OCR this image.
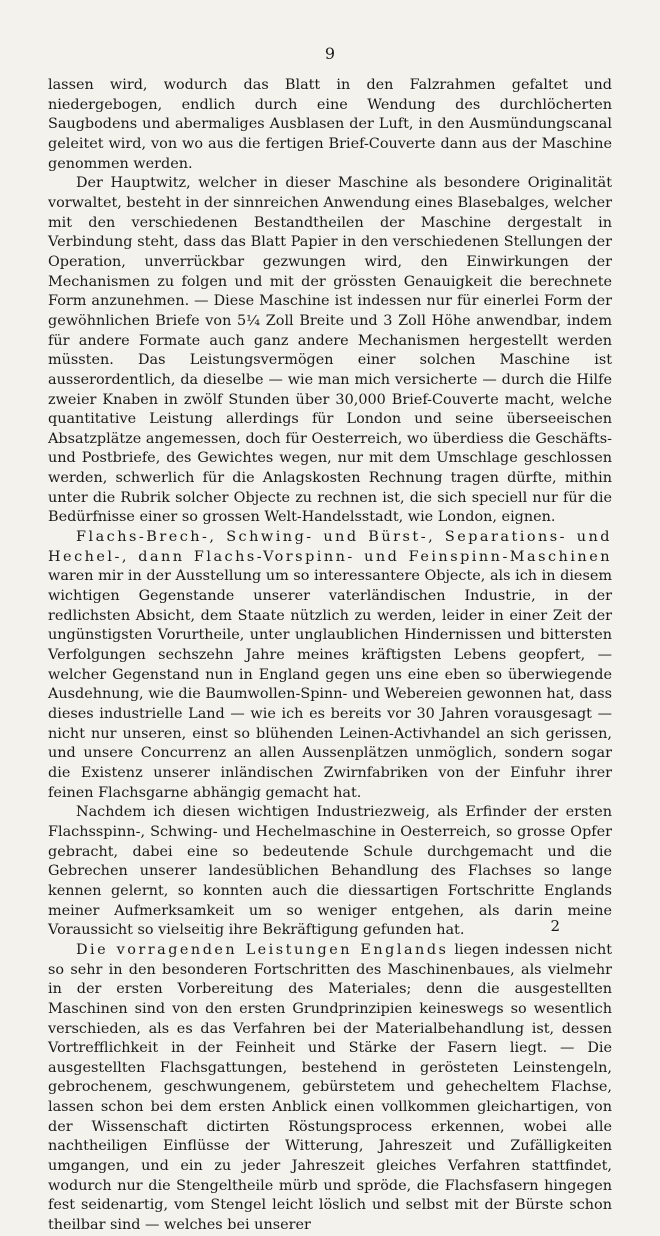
9

lassen wird, wodurch das Blatt in den Falzrahmen gefaltet und niedergebogen, endlich durch eine Wendung des durchlöcherten Saugbodens und abermaliges Ausblasen der Luft, in den Ausmündungscanal geleitet wird, von wo aus die fertigen Brief-Couverte dann aus der Maschine genommen werden.

Der Hauptwitz, welcher in dieser Maschine als besondere Originalität vorwaltet, besteht in der sinnreichen Anwendung eines Blasebalges, welcher mit den verschiedenen Bestandtheilen der Maschine dergestalt in Verbindung steht, dass das Blatt Papier in den verschiedenen Stellungen der Operation, unverrückbar gezwungen wird, den Einwirkungen der Mechanismen zu folgen und mit der grössten Genauigkeit die berechnete Form anzunehmen. — Diese Maschine ist indessen nur für einerlei Form der gewöhnlichen Briefe von 5¼ Zoll Breite und 3 Zoll Höhe anwendbar, indem für andere Formate auch ganz andere Mechanismen hergestellt werden müssten. Das Leistungsvermögen einer solchen Maschine ist ausserordentlich, da dieselbe — wie man mich versicherte — durch die Hilfe zweier Knaben in zwölf Stunden über 30,000 Brief-Couverte macht, welche quantitative Leistung allerdings für London und seine überseeischen Absatzplätze angemessen, doch für Oesterreich, wo überdiess die Geschäfts- und Postbriefe, des Gewichtes wegen, nur mit dem Umschlage geschlossen werden, schwerlich für die Anlagskosten Rechnung tragen dürfte, mithin unter die Rubrik solcher Objecte zu rechnen ist, die sich speciell nur für die Bedürfnisse einer so grossen Welt-Handelsstadt, wie London, eignen.

Flachs-Brech-, Schwing- und Bürst-, Separations- und Hechel-, dann Flachs-Vorspinn- und Feinspinn-Maschinen waren mir in der Ausstellung um so interessantere Objecte, als ich in diesem wichtigen Gegenstande unserer vaterländischen Industrie, in der redlichsten Absicht, dem Staate nützlich zu werden, leider in einer Zeit der ungünstigsten Vorurtheile, unter unglaublichen Hindernissen und bittersten Verfolgungen sechszehn Jahre meines kräftigsten Lebens geopfert, — welcher Gegenstand nun in England gegen uns eine eben so überwiegende Ausdehnung, wie die Baumwollen-Spinn- und Webereien gewonnen hat, dass dieses industrielle Land — wie ich es bereits vor 30 Jahren vorausgesagt — nicht nur unseren, einst so blühenden Leinen-Activhandel an sich gerissen, und unsere Concurrenz an allen Aussenplätzen unmöglich, sondern sogar die Existenz unserer inländischen Zwirnfabriken von der Einfuhr ihrer feinen Flachsgarne abhängig gemacht hat.

Nachdem ich diesen wichtigen Industriezweig, als Erfinder der ersten Flachsspinn-, Schwing- und Hechelmaschine in Oesterreich, so grosse Opfer gebracht, dabei eine so bedeutende Schule durchgemacht und die Gebrechen unserer landesüblichen Behandlung des Flachses so lange kennen gelernt, so konnten auch die diessartigen Fortschritte Englands meiner Aufmerksamkeit um so weniger entgehen, als darin meine Voraussicht so vielseitig ihre Bekräftigung gefunden hat.

Die vorragenden Leistungen Englands liegen indessen nicht so sehr in den besonderen Fortschritten des Maschinenbaues, als vielmehr in der ersten Vorbereitung des Materiales; denn die ausgestellten Maschinen sind von den ersten Grundprinzipien keineswegs so wesentlich verschieden, als es das Verfahren bei der Materialbehandlung ist, dessen Vortrefflichkeit in der Feinheit und Stärke der Fasern liegt. — Die ausgestellten Flachsgattungen, bestehend in gerösteten Leinstengeln, gebrochenem, geschwungenem, gebürstetem und gehecheltem Flachse, lassen schon bei dem ersten Anblick einen vollkommen gleichartigen, von der Wissenschaft dictirten Röstungsprocess erkennen, wobei alle nachtheiligen Einflüsse der Witterung, Jahreszeit und Zufälligkeiten umgangen, und ein zu jeder Jahreszeit gleiches Verfahren stattfindet, wodurch nur die Stengeltheile mürb und spröde, die Flachsfasern hingegen fest seidenartig, vom Stengel leicht löslich und selbst mit der Bürste schon theilbar sind — welches bei unserer

2
